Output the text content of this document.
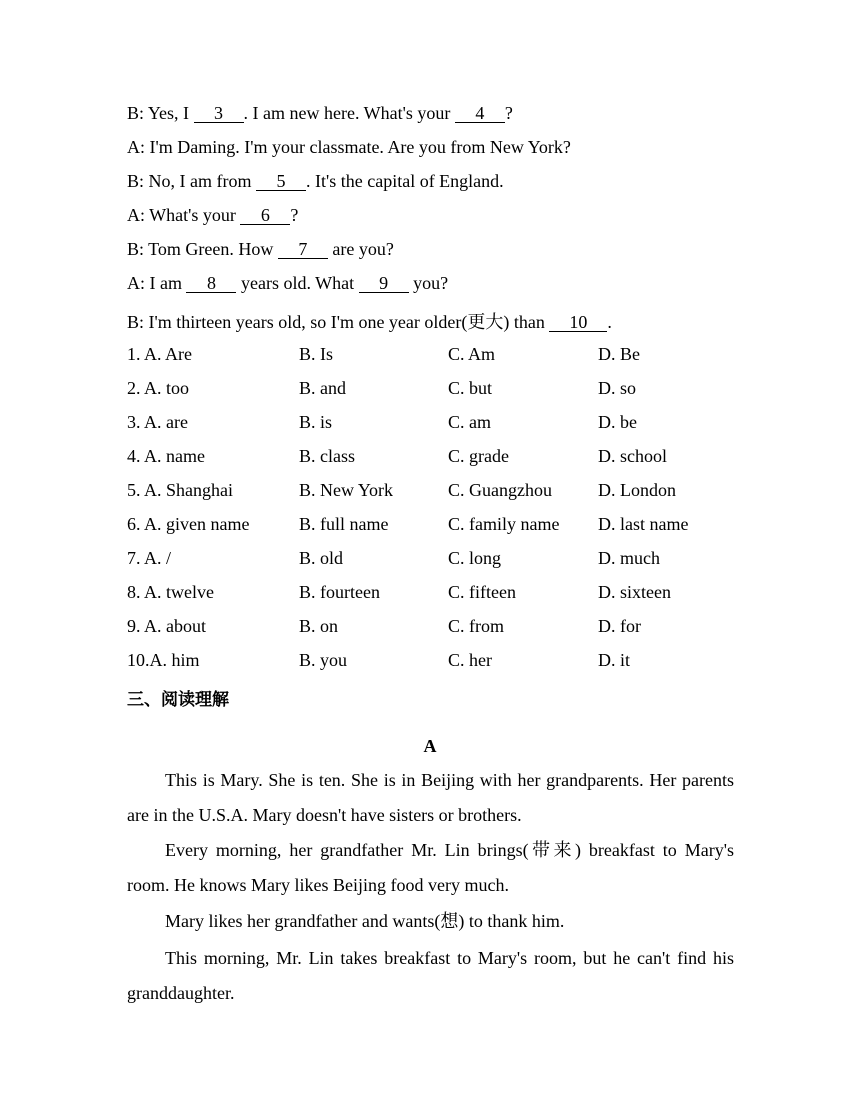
B: Yes, I 3 . I am new here. What's your 4 ?
A: I'm Daming. I'm your classmate. Are you from New York?
B: No, I am from 5 . It's the capital of England.
A: What's your 6 ?
B: Tom Green. How 7 are you?
A: I am 8 years old. What 9 you?
B: I'm thirteen years old, so I'm one year older(更大) than 10 .
1. A. Are	B. Is	C. Am	D. Be
2. A. too	B. and	C. but	D. so
3. A. are	B. is	C. am	D. be
4. A. name	B. class	C. grade	D. school
5. A. Shanghai	B. New York	C. Guangzhou	D. London
6. A. given name	B. full name	C. family name D. last name
7. A. /	B. old	C. long	D. much
8. A. twelve	B. fourteen	C. fifteen	D. sixteen
9. A. about	B. on	C. from	D. for
10.A. him	B. you	C. her	D. it
三、阅读理解
A
This is Mary. She is ten. She is in Beijing with her grandparents. Her parents are in the U.S.A. Mary doesn't have sisters or brothers.
Every morning, her grandfather Mr. Lin brings(带来) breakfast to Mary's room. He knows Mary likes Beijing food very much.
Mary likes her grandfather and wants(想) to thank him.
This morning, Mr. Lin takes breakfast to Mary's room, but he can't find his granddaughter.
